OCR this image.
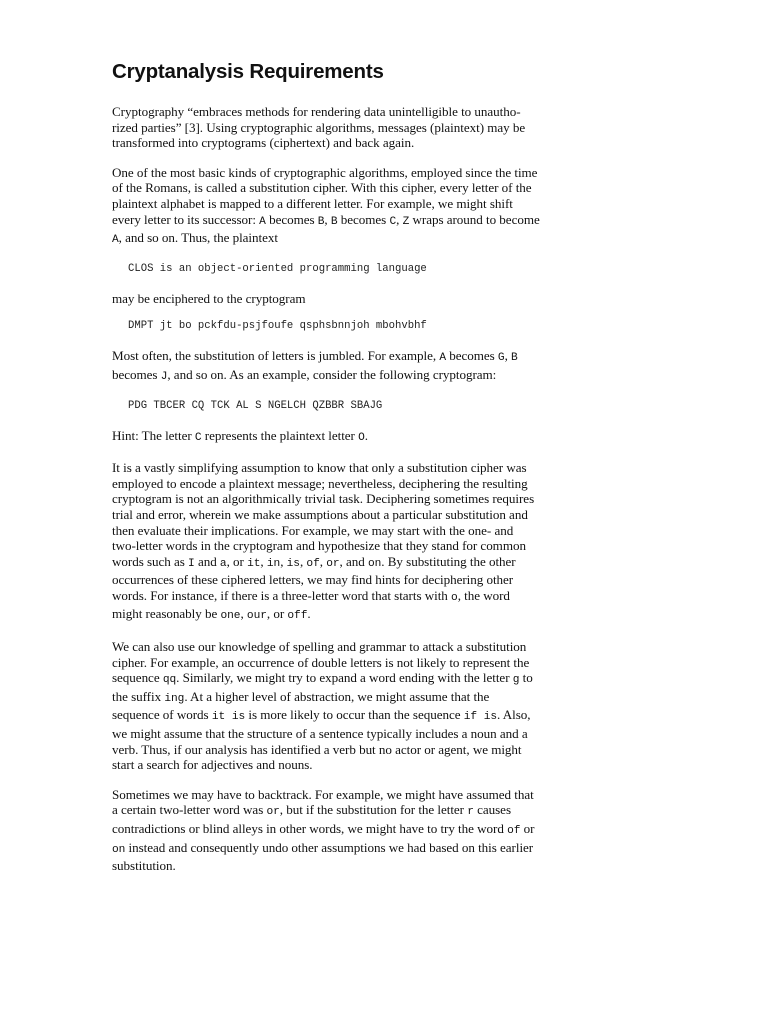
Cryptanalysis Requirements

Cryptography “embraces methods for rendering data unintelligible to unautho-
rized parties” [3]. Using cryptographic algorithms, messages (plaintext) may be
transformed into cryptograms (ciphertext) and back again.

One of the most basic kinds of cryptographic algorithms, employed since the time of the Romans, is called a substitution cipher. With this cipher, every letter of the plaintext alphabet is mapped to a different letter. For example, we might shift every letter to its successor: A becomes B, B becomes C, Z wraps around to become A, and so on. Thus, the plaintext

CLOS is an object-oriented programming language

may be enciphered to the cryptogram

DMPT jt bo pckfdu-psjfoufe qsphsbnnjoh mbohvbhf

Most often, the substitution of letters is jumbled. For example, A becomes G, B becomes J, and so on. As an example, consider the following cryptogram:

PDG TBCER CQ TCK AL S NGELCH QZBBR SBAJG

Hint: The letter C represents the plaintext letter O.

It is a vastly simplifying assumption to know that only a substitution cipher was employed to encode a plaintext message; nevertheless, deciphering the resulting cryptogram is not an algorithmically trivial task. Deciphering sometimes requires trial and error, wherein we make assumptions about a particular substitution and then evaluate their implications. For example, we may start with the one- and two-letter words in the cryptogram and hypothesize that they stand for common words such as I and a, or it, in, is, of, or, and on. By substituting the other occurrences of these ciphered letters, we may find hints for deciphering other words. For instance, if there is a three-letter word that starts with o, the word might reasonably be one, our, or off.

We can also use our knowledge of spelling and grammar to attack a substitution cipher. For example, an occurrence of double letters is not likely to represent the sequence qq. Similarly, we might try to expand a word ending with the letter g to the suffix ing. At a higher level of abstraction, we might assume that the sequence of words it is is more likely to occur than the sequence if is. Also, we might assume that the structure of a sentence typically includes a noun and a verb. Thus, if our analysis has identified a verb but no actor or agent, we might start a search for adjectives and nouns.

Sometimes we may have to backtrack. For example, we might have assumed that a certain two-letter word was or, but if the substitution for the letter r causes contradictions or blind alleys in other words, we might have to try the word of or on instead and consequently undo other assumptions we had based on this earlier substitution.
